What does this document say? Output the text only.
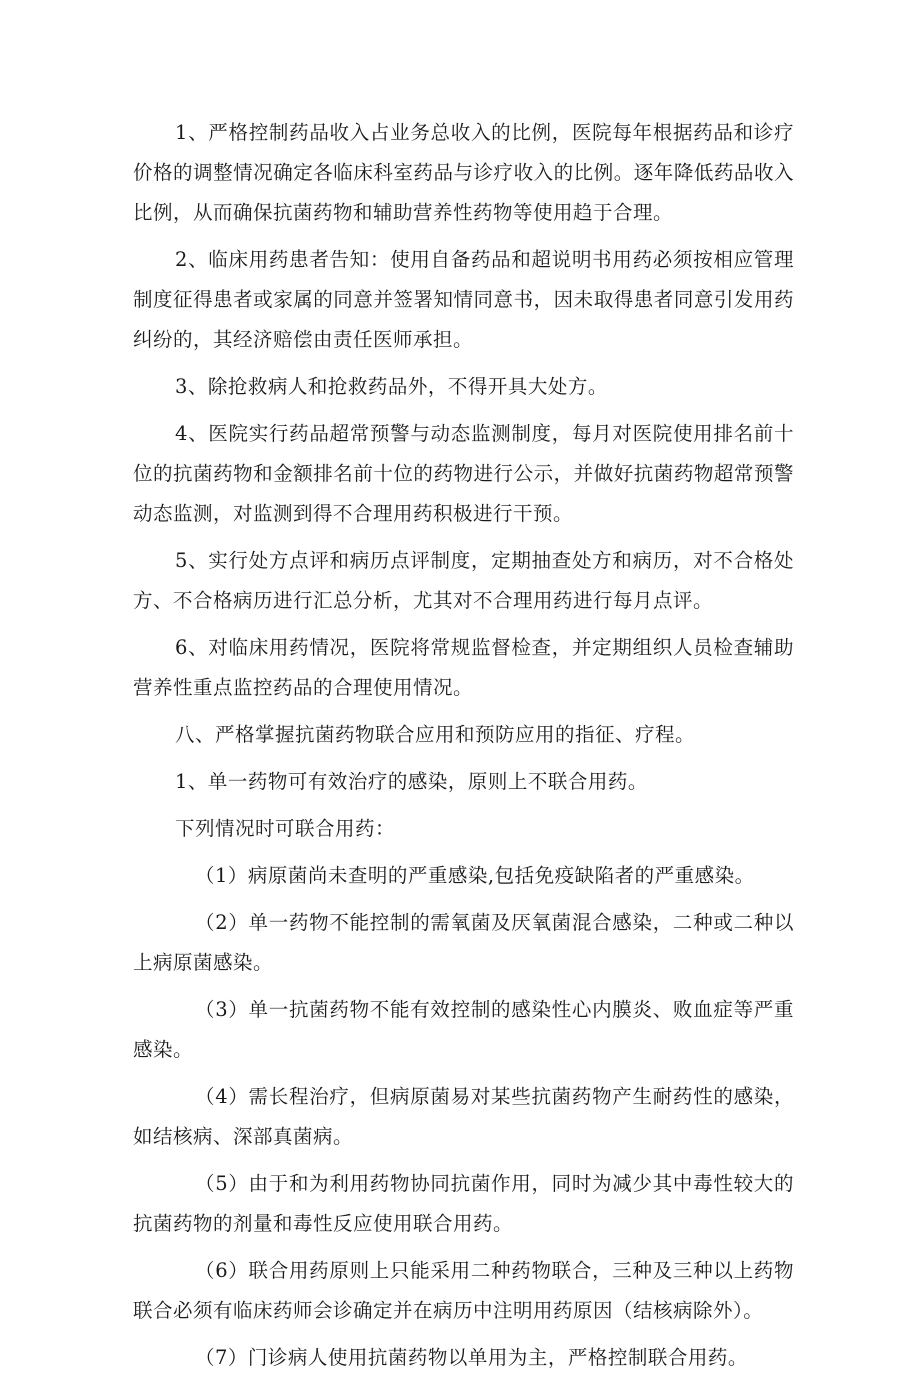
1、严格控制药品收入占业务总收入的比例，医院每年根据药品和诊疗价格的调整情况确定各临床科室药品与诊疗收入的比例。逐年降低药品收入比例，从而确保抗菌药物和辅助营养性药物等使用趋于合理。

2、临床用药患者告知：使用自备药品和超说明书用药必须按相应管理制度征得患者或家属的同意并签署知情同意书，因未取得患者同意引发用药纠纷的，其经济赔偿由责任医师承担。

3、除抢救病人和抢救药品外，不得开具大处方。

4、医院实行药品超常预警与动态监测制度，每月对医院使用排名前十位的抗菌药物和金额排名前十位的药物进行公示，并做好抗菌药物超常预警动态监测，对监测到得不合理用药积极进行干预。

5、实行处方点评和病历点评制度，定期抽查处方和病历，对不合格处方、不合格病历进行汇总分析，尤其对不合理用药进行每月点评。

6、对临床用药情况，医院将常规监督检查，并定期组织人员检查辅助营养性重点监控药品的合理使用情况。

八、严格掌握抗菌药物联合应用和预防应用的指征、疗程。

1、单一药物可有效治疗的感染，原则上不联合用药。

下列情况时可联合用药：

（1）病原菌尚未查明的严重感染,包括免疫缺陷者的严重感染。

（2）单一药物不能控制的需氧菌及厌氧菌混合感染，二种或二种以上病原菌感染。

（3）单一抗菌药物不能有效控制的感染性心内膜炎、败血症等严重感染。

（4）需长程治疗，但病原菌易对某些抗菌药物产生耐药性的感染，如结核病、深部真菌病。

（5）由于和为利用药物协同抗菌作用，同时为减少其中毒性较大的抗菌药物的剂量和毒性反应使用联合用药。

（6）联合用药原则上只能采用二种药物联合，三种及三种以上药物联合必须有临床药师会诊确定并在病历中注明用药原因（结核病除外）。

（7）门诊病人使用抗菌药物以单用为主，严格控制联合用药。
